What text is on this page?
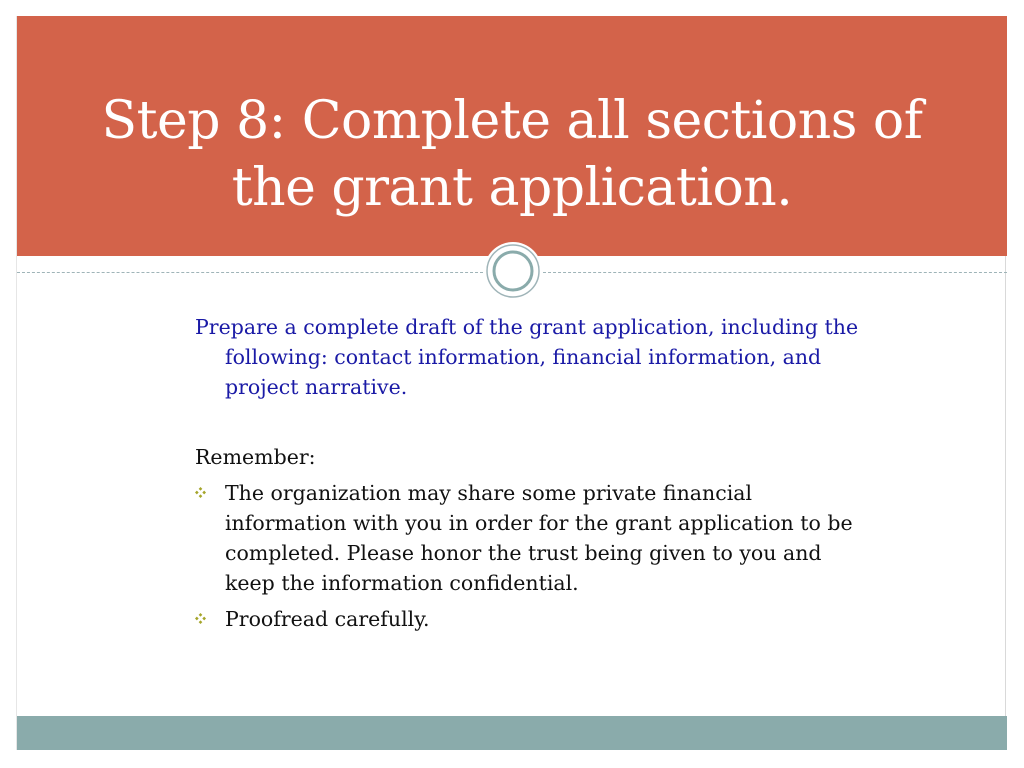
Step 8: Complete all sections of the grant application.

Prepare a complete draft of the grant application, including the following: contact information, financial information, and project narrative.

Remember:

The organization may share some private financial information with you in order for the grant application to be completed. Please honor the trust being given to you and keep the information confidential.
Proofread carefully.
